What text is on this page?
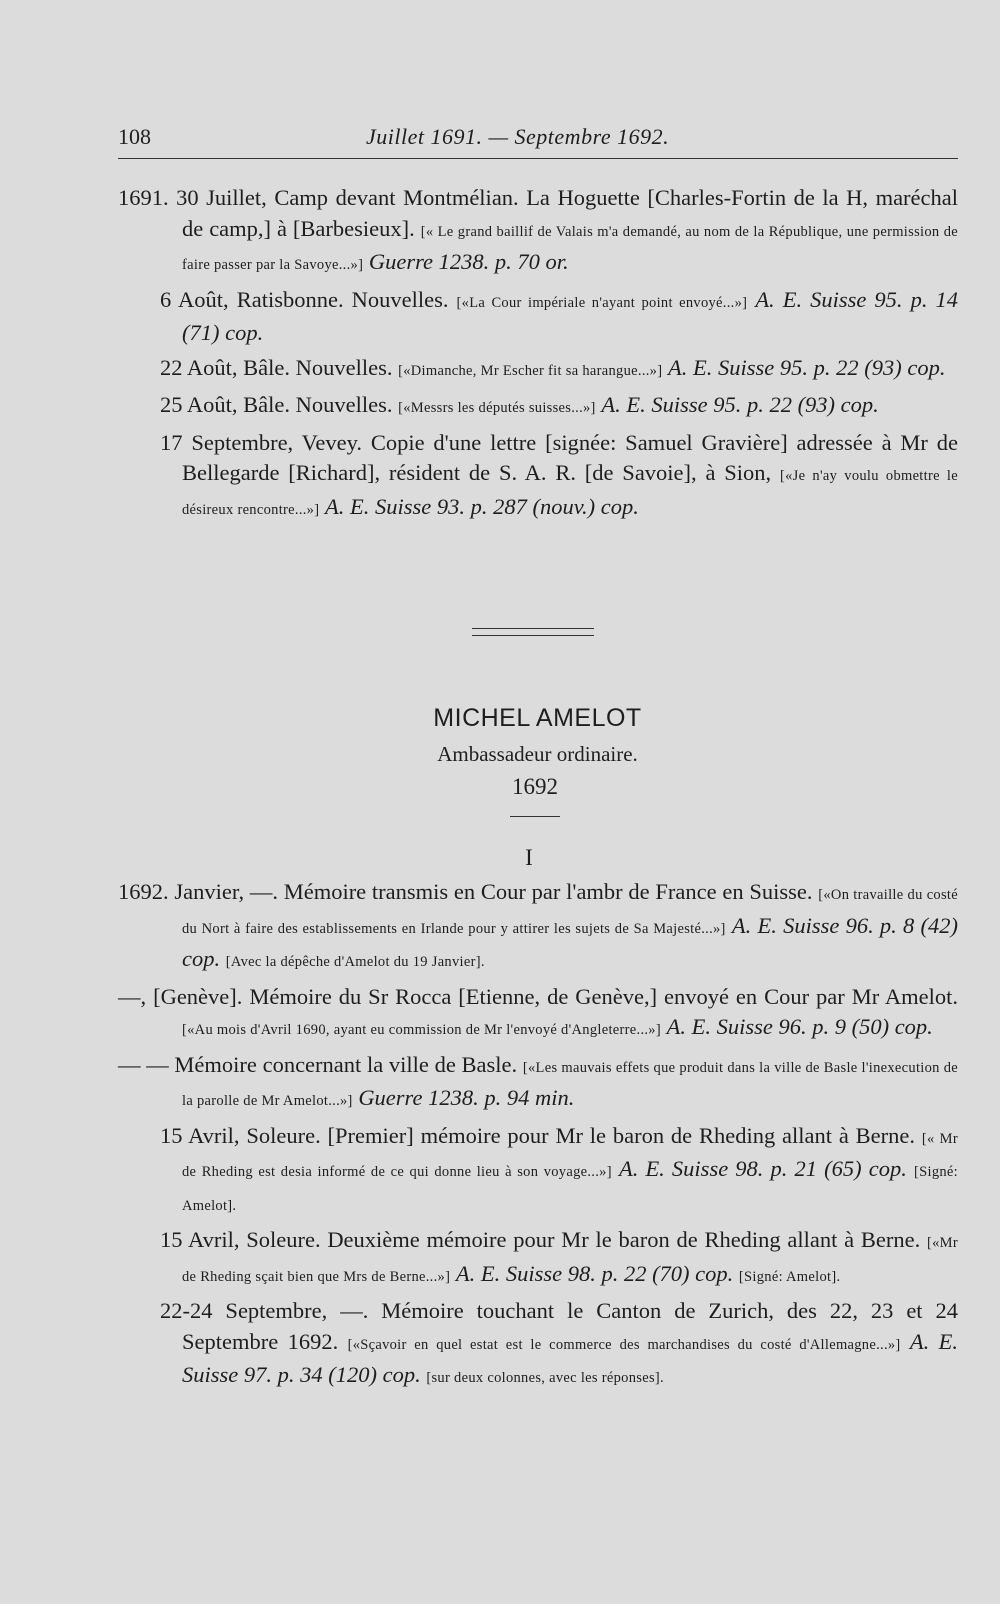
108	Juillet 1691. — Septembre 1692.
1691. 30 Juillet, Camp devant Montmélian. La Hoguette [Charles-Fortin de la H, maréchal de camp,] à [Barbesieux]. [« Le grand baillif de Valais m'a demandé, au nom de la République, une permission de faire passer par la Savoye...»] Guerre 1238. p. 70 or.
6 Août, Ratisbonne. Nouvelles. [«La Cour impériale n'ayant point envoyé...»] A. E. Suisse 95. p. 14 (71) cop.
22 Août, Bâle. Nouvelles. [«Dimanche, Mr Escher fit sa harangue...»] A. E. Suisse 95. p. 22 (93) cop.
25 Août, Bâle. Nouvelles. [«Messrs les députés suisses...»] A. E. Suisse 95. p. 22 (93) cop.
17 Septembre, Vevey. Copie d'une lettre [signée: Samuel Gravière] adressée à Mr de Bellegarde [Richard], résident de S. A. R. [de Savoie], à Sion, [«Je n'ay voulu obmettre le désireux rencontre...»] A. E. Suisse 93. p. 287 (nouv.) cop.
MICHEL AMELOT
Ambassadeur ordinaire.
1692
I
1692. Janvier, —. Mémoire transmis en Cour par l'ambr de France en Suisse. [«On travaille du costé du Nort à faire des establissements en Irlande pour y attirer les sujets de Sa Majesté...»] A. E. Suisse 96. p. 8 (42) cop. [Avec la dépêche d'Amelot du 19 Janvier].
—, [Genève]. Mémoire du Sr Rocca [Etienne, de Genève,] envoyé en Cour par Mr Amelot. [«Au mois d'Avril 1690, ayant eu commission de Mr l'envoyé d'Angleterre...»] A. E. Suisse 96. p. 9 (50) cop.
— — Mémoire concernant la ville de Basle. [«Les mauvais effets que produit dans la ville de Basle l'inexecution de la parolle de Mr Amelot...»] Guerre 1238. p. 94 min.
15 Avril, Soleure. [Premier] mémoire pour Mr le baron de Rheding allant à Berne. [« Mr de Rheding est desia informé de ce qui donne lieu à son voyage...»] A. E. Suisse 98. p. 21 (65) cop. [Signé: Amelot].
15 Avril, Soleure. Deuxième mémoire pour Mr le baron de Rheding allant à Berne. [«Mr de Rheding sçait bien que Mrs de Berne...»] A. E. Suisse 98. p. 22 (70) cop. [Signé: Amelot].
22-24 Septembre, —. Mémoire touchant le Canton de Zurich, des 22, 23 et 24 Septembre 1692. [«Sçavoir en quel estat est le commerce des marchandises du costé d'Allemagne...»] A. E. Suisse 97. p. 34 (120) cop. [sur deux colonnes, avec les réponses].
